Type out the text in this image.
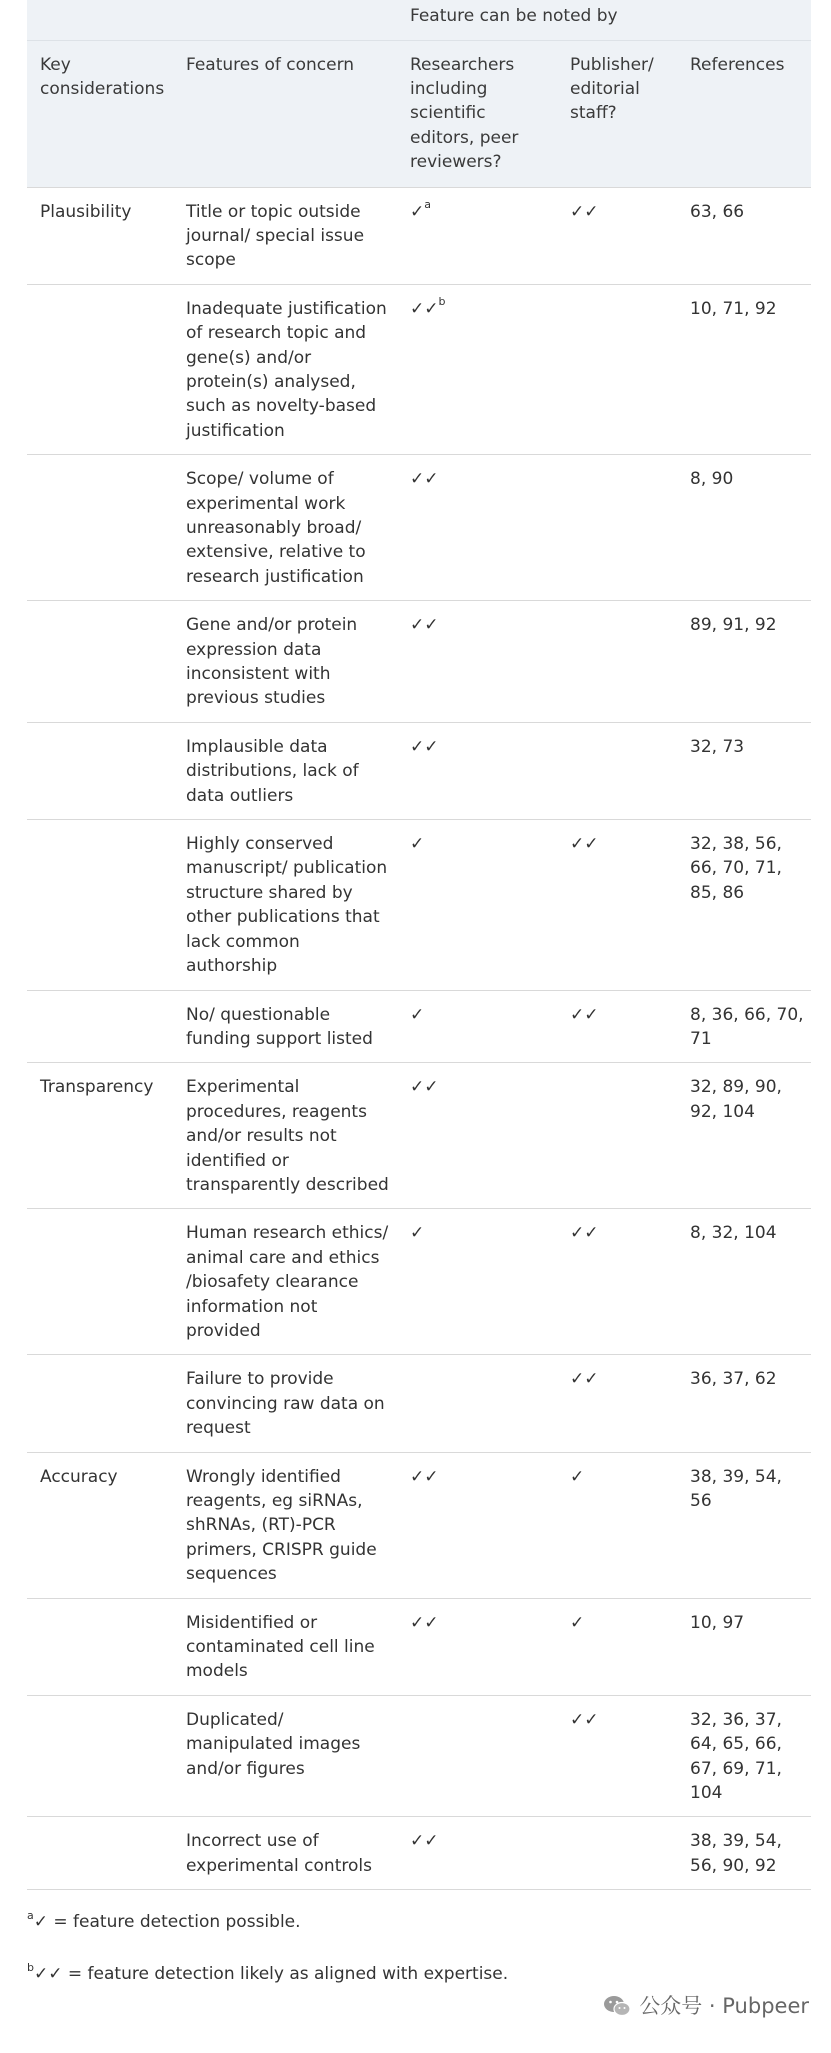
		Feature can be noted by		
Key considerations	Features of concern	Researchers including scientific editors, peer reviewers?	Publisher/ editorial staff?	References
Plausibility	Title or topic outside journal/ special issue scope	✓$^a$	✓✓	63, 66
	Inadequate justification of research topic and gene(s) and/or protein(s) analysed, such as novelty-based justification	✓✓$^b$		10, 71, 92
	Scope/ volume of experimental work unreasonably broad/ extensive, relative to research justification	✓✓		8, 90
	Gene and/or protein expression data inconsistent with previous studies	✓✓		89, 91, 92
	Implausible data distributions, lack of data outliers	✓✓		32, 73
	Highly conserved manuscript/ publication structure shared by other publications that lack common authorship	✓	✓✓	32, 38, 56, 66, 70, 71, 85, 86
	No/ questionable funding support listed	✓	✓✓	8, 36, 66, 70, 71
Transparency	Experimental procedures, reagents and/or results not identified or transparently described	✓✓		32, 89, 90, 92, 104
	Human research ethics/ animal care and ethics /biosafety clearance information not provided	✓	✓✓	8, 32, 104
	Failure to provide convincing raw data on request		✓✓	36, 37, 62
Accuracy	Wrongly identified reagents, eg siRNAs, shRNAs, (RT)-PCR primers, CRISPR guide sequences	✓✓	✓	38, 39, 54, 56
	Misidentified or contaminated cell line models	✓✓	✓	10, 97
	Duplicated/ manipulated images and/or figures		✓✓	32, 36, 37, 64, 65, 66, 67, 69, 71, 104
	Incorrect use of experimental controls	✓✓		38, 39, 54, 56, 90, 92

$^a$✓ = feature detection possible.

$^b$✓✓ = feature detection likely as aligned with expertise.

公众号 · Pubpeer
